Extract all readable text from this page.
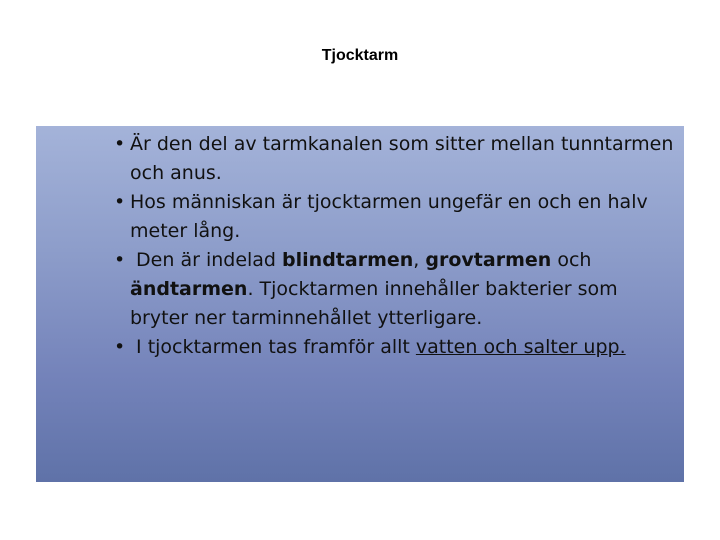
Tjocktarm
• Är den del av tarmkanalen som sitter mellan tunntarmen och anus.
• Hos människan är tjocktarmen ungefär en och en halv meter lång.
•  Den är indelad blindtarmen, grovtarmen och ändtarmen. Tjocktarmen innehåller bakterier som bryter ner tarminnehållet ytterligare.
•  I tjocktarmen tas framför allt vatten och salter upp.
